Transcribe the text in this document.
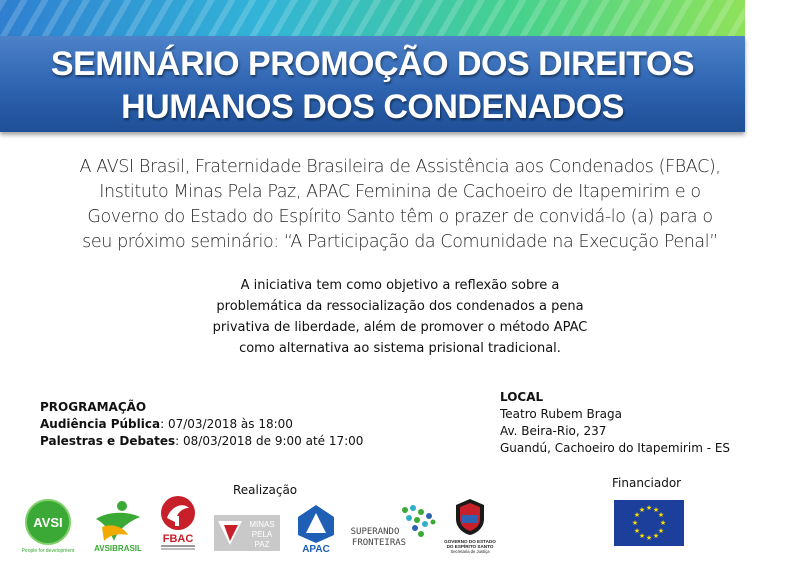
SEMINÁRIO PROMOÇÃO DOS DIREITOS
HUMANOS DOS CONDENADOS
A AVSI Brasil, Fraternidade Brasileira de Assistência aos Condenados (FBAC),
Instituto Minas Pela Paz, APAC Feminina de Cachoeiro de Itapemirim e o
Governo do Estado do Espírito Santo têm o prazer de convidá-lo (a) para o
seu próximo seminário: “A Participação da Comunidade na Execução Penal”
A iniciativa tem como objetivo a reflexão sobre a
problemática da ressocialização dos condenados a pena
privativa de liberdade, além de promover o método APAC
como alternativa ao sistema prisional tradicional.
PROGRAMAÇÃO
Audiência Pública: 07/03/2018 às 18:00
Palestras e Debates: 08/03/2018 de 9:00 até 17:00
LOCAL
Teatro Rubem Braga
Av. Beira-Rio, 237
Guandú, Cachoeiro do Itapemirim - ES
Realização	Financiador
AVSI
People for development AVSIBRASIL
FBAC
MINAS
PELA
PAZ	APAC
SUPERANDO
FRONTEIRAS	GOVERNO DO ESTADO
DO ESPÍRITO SANTO
Secretaria de Justiça
★ ★
★
★
★
★
★
★
★
★
★
★
